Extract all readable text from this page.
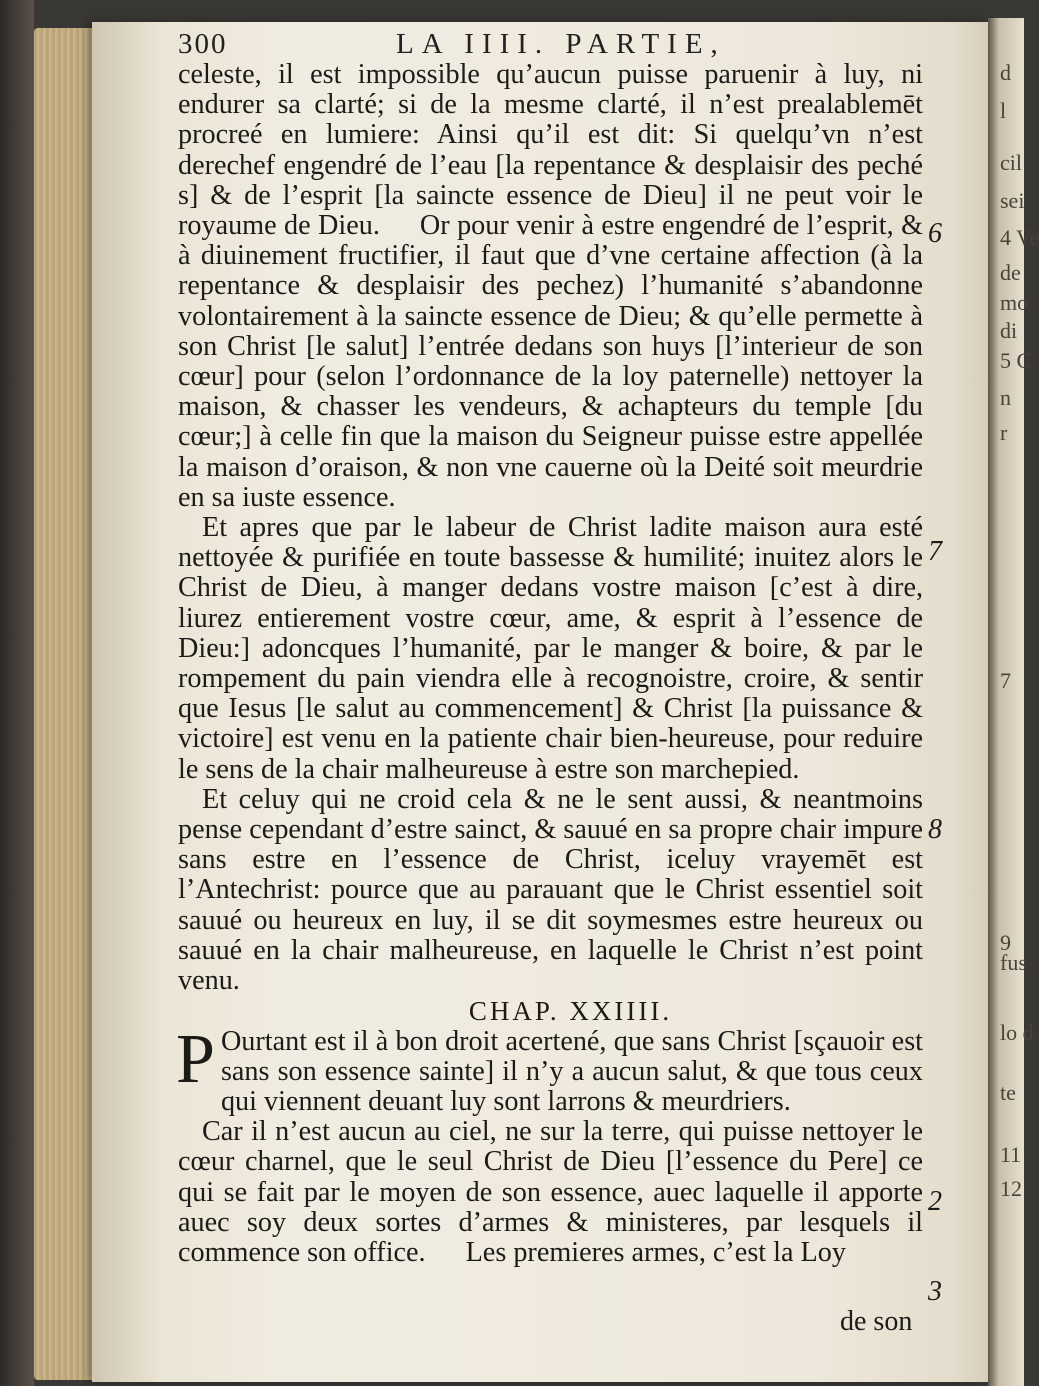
d
l
cil
sei
4 Ve
de
mo
di
5 C
n
r
7
9
fus
lo d
te
11
12
300	LA IIII. PARTIE,

celeste, il est impossible qu’aucun puisse paruenir à luy, ni endurer sa clarté; si de la mesme clarté, il n’est prealablemēt procreé en lumiere: Ainsi qu’il est dit: Si quelqu’vn n’est derechef engendré de l’eau [la repentance & desplaisir des peché s] & de l’esprit [la saincte essence de Dieu] il ne peut voir le royaume de Dieu. Or pour venir à estre engendré de l’esprit, & à diuinement fructifier, il faut que d’vne certaine affection (à la repentance & desplaisir des pechez) l’humanité s’abandonne volontairement à la saincte essence de Dieu; & qu’elle permette à son Christ [le salut] l’entrée dedans son huys [l’interieur de son cœur] pour (selon l’ordonnance de la loy paternelle) nettoyer la maison, & chasser les vendeurs, & achapteurs du temple [du cœur;] à celle fin que la maison du Seigneur puisse estre appellée la maison d’oraison, & non vne cauerne où la Deité soit meurdrie en sa iuste essence.

Et apres que par le labeur de Christ ladite maison aura esté nettoyée & purifiée en toute bassesse & humilité; inuitez alors le Christ de Dieu, à manger dedans vostre maison [c’est à dire, liurez entierement vostre cœur, ame, & esprit à l’essence de Dieu:] adoncques l’humanité, par le manger & boire, & par le rompement du pain viendra elle à recognoistre, croire, & sentir que Iesus [le salut au commencement] & Christ [la puissance & victoire] est venu en la patiente chair bien-heureuse, pour reduire le sens de la chair malheureuse à estre son marchepied.

Et celuy qui ne croid cela & ne le sent aussi, & neantmoins pense cependant d’estre sainct, & sauué en sa propre chair impure sans estre en l’essence de Christ, iceluy vrayemēt est l’Antechrist: pource que au parauant que le Christ essentiel soit sauué ou heureux en luy, il se dit soymesmes estre heureux ou sauué en la chair malheureuse, en laquelle le Christ n’est point venu.

CHAP. XXIIII.

P Ourtant est il à bon droit acertené, que sans Christ [sçauoir est sans son essence sainte] il n’y a aucun salut, & que tous ceux qui viennent deuant luy sont larrons & meurdriers.

Car il n’est aucun au ciel, ne sur la terre, qui puisse nettoyer le cœur charnel, que le seul Christ de Dieu [l’essence du Pere] ce qui se fait par le moyen de son essence, auec laquelle il apporte auec soy deux sortes d’armes & ministeres, par lesquels il commence son office. Les premieres armes, c’est la Loy

6
7
8
2
3
de son
